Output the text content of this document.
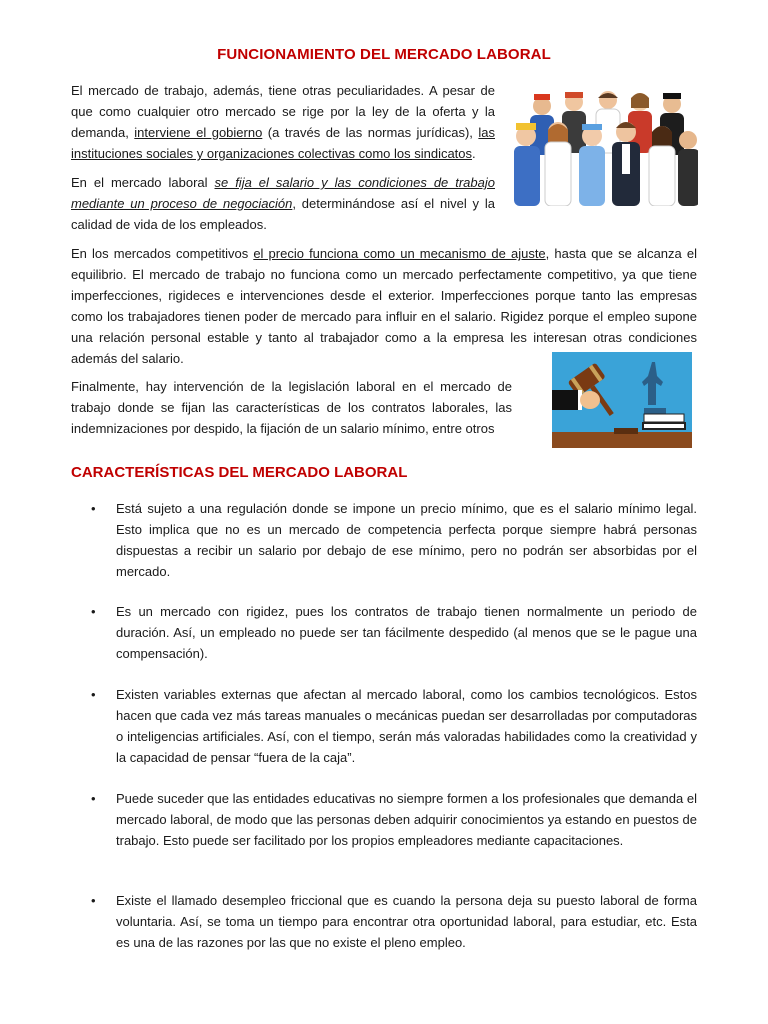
FUNCIONAMIENTO DEL MERCADO LABORAL

El mercado de trabajo, además, tiene otras peculiaridades. A pesar de que como cualquier otro mercado se rige por la ley de la oferta y la demanda, interviene el gobierno (a través de las normas jurídicas), las instituciones sociales y organizaciones colectivas como los sindicatos.

En el mercado laboral se fija el salario y las condiciones de trabajo mediante un proceso de negociación, determinándose así el nivel y la calidad de vida de los empleados.

En los mercados competitivos el precio funciona como un mecanismo de ajuste, hasta que se alcanza el equilibrio. El mercado de trabajo no funciona como un mercado perfectamente competitivo, ya que tiene imperfecciones, rigideces e intervenciones desde el exterior. Imperfecciones porque tanto las empresas como los trabajadores tienen poder de mercado para influir en el salario. Rigidez porque el empleo supone una relación personal estable y tanto al trabajador como a la empresa les interesan otras condiciones además del salario.

Finalmente, hay intervención de la legislación laboral en el mercado de trabajo donde se fijan las características de los contratos laborales, las indemnizaciones por despido, la fijación de un salario mínimo, entre otros

CARACTERÍSTICAS DEL MERCADO LABORAL
• Está sujeto a una regulación donde se impone un precio mínimo, que es el salario mínimo legal. Esto implica que no es un mercado de competencia perfecta porque siempre habrá personas dispuestas a recibir un salario por debajo de ese mínimo, pero no podrán ser absorbidas por el mercado.

• Es un mercado con rigidez, pues los contratos de trabajo tienen normalmente un periodo de duración. Así, un empleado no puede ser tan fácilmente despedido (al menos que se le pague una compensación).

• Existen variables externas que afectan al mercado laboral, como los cambios tecnológicos. Estos hacen que cada vez más tareas manuales o mecánicas puedan ser desarrolladas por computadoras o inteligencias artificiales. Así, con el tiempo, serán más valoradas habilidades como la creatividad y la capacidad de pensar “fuera de la caja”.

• Puede suceder que las entidades educativas no siempre formen a los profesionales que demanda el mercado laboral, de modo que las personas deben adquirir conocimientos ya estando en puestos de trabajo. Esto puede ser facilitado por los propios empleadores mediante capacitaciones.

• Existe el llamado desempleo friccional que es cuando la persona deja su puesto laboral de forma voluntaria. Así, se toma un tiempo para encontrar otra oportunidad laboral, para estudiar, etc. Esta es una de las razones por las que no existe el pleno empleo.
